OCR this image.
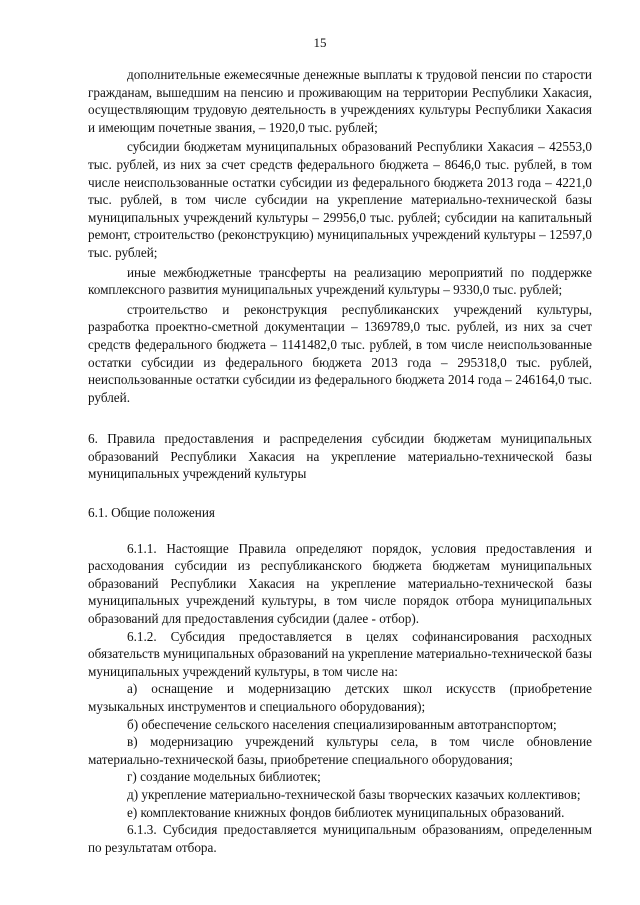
15

дополнительные ежемесячные денежные выплаты к трудовой пенсии по старости гражданам, вышедшим на пенсию и проживающим на территории Республики Хакасия, осуществляющим трудовую деятельность в учреждениях культуры Республики Хакасия и имеющим почетные звания, – 1920,0 тыс. рублей;

субсидии бюджетам муниципальных образований Республики Хакасия – 42553,0 тыс. рублей, из них за счет средств федерального бюджета – 8646,0 тыс. рублей, в том числе неиспользованные остатки субсидии из федерального бюджета 2013 года – 4221,0 тыс. рублей, в том числе субсидии на укрепление материально-технической базы муниципальных учреждений культуры – 29956,0 тыс. рублей; субсидии на капитальный ремонт, строительство (реконструкцию) муниципальных учреждений культуры – 12597,0 тыс. рублей;

иные межбюджетные трансферты на реализацию мероприятий по поддержке комплексного развития муниципальных учреждений культуры – 9330,0 тыс. рублей;

строительство и реконструкция республиканских учреждений культуры, разработка проектно-сметной документации – 1369789,0 тыс. рублей, из них за счет средств федерального бюджета – 1141482,0 тыс. рублей, в том числе неиспользованные остатки субсидии из федерального бюджета 2013 года – 295318,0 тыс. рублей, неиспользованные остатки субсидии из федерального бюджета 2014 года – 246164,0 тыс. рублей.

6. Правила предоставления и распределения субсидии бюджетам муниципальных образований Республики Хакасия на укрепление материально-технической базы муниципальных учреждений культуры

6.1. Общие положения

6.1.1. Настоящие Правила определяют порядок, условия предоставления и расходования субсидии из республиканского бюджета бюджетам муниципальных образований Республики Хакасия на укрепление материально-технической базы муниципальных учреждений культуры, в том числе порядок отбора муниципальных образований для предоставления субсидии (далее - отбор).

6.1.2. Субсидия предоставляется в целях софинансирования расходных обязательств муниципальных образований на укрепление материально-технической базы муниципальных учреждений культуры, в том числе на:

а) оснащение и модернизацию детских школ искусств (приобретение музыкальных инструментов и специального оборудования);

б) обеспечение сельского населения специализированным автотранспортом;

в) модернизацию учреждений культуры села, в том числе обновление материально-технической базы, приобретение специального оборудования;

г) создание модельных библиотек;

д) укрепление материально-технической базы творческих казачьих коллективов;

е) комплектование книжных фондов библиотек муниципальных образований.

6.1.3. Субсидия предоставляется муниципальным образованиям, определенным по результатам отбора.
